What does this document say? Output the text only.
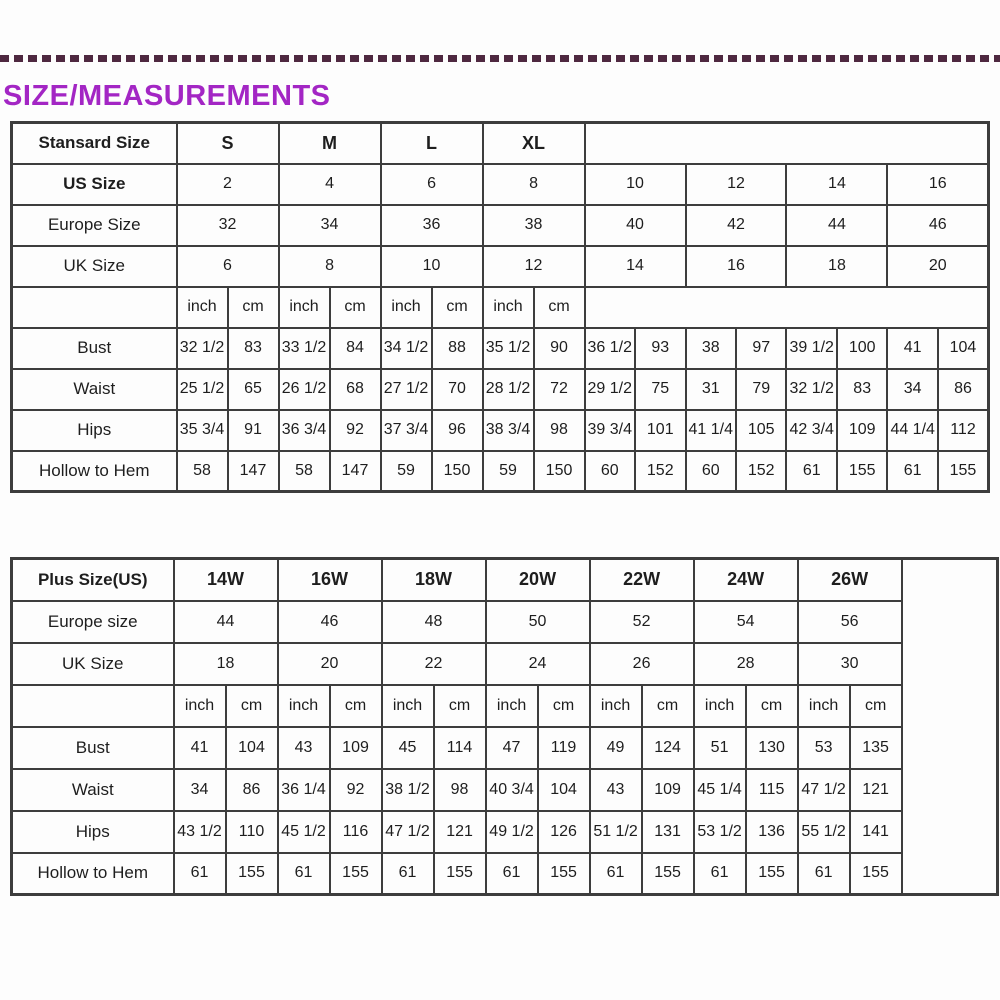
SIZE/MEASUREMENTS
Stansard Size	S		M		L		XL									
US Size	2		4		6		8		10		12		14		16	
Europe Size	32		34		36		38		40		42		44		46	
UK Size	6		8		10		12		14		16		18		20	
	inch	cm	inch	cm	inch	cm	inch	cm								
Bust	32 1/2	83	33 1/2	84	34 1/2	88	35 1/2	90	36 1/2	93	38	97	39 1/2	100	41	104
Waist	25 1/2	65	26 1/2	68	27 1/2	70	28 1/2	72	29 1/2	75	31	79	32 1/2	83	34	86
Hips	35 3/4	91	36 3/4	92	37 3/4	96	38 3/4	98	39 3/4	101	41 1/4	105	42 3/4	109	44 1/4	112
Hollow to Hem	58	147	58	147	59	150	59	150	60	152	60	152	61	155	61	155
Plus Size(US)	14W		16W		18W		20W		22W		24W		26W		
Europe size	44		46		48		50		52		54		56		
UK Size	18		20		22		24		26		28		30		
	inch	cm	inch	cm	inch	cm	inch	cm	inch	cm	inch	cm	inch	cm	
Bust	41	104	43	109	45	114	47	119	49	124	51	130	53	135	
Waist	34	86	36 1/4	92	38 1/2	98	40 3/4	104	43	109	45 1/4	115	47 1/2	121	
Hips	43 1/2	110	45 1/2	116	47 1/2	121	49 1/2	126	51 1/2	131	53 1/2	136	55 1/2	141	
Hollow to Hem	61	155	61	155	61	155	61	155	61	155	61	155	61	155	
